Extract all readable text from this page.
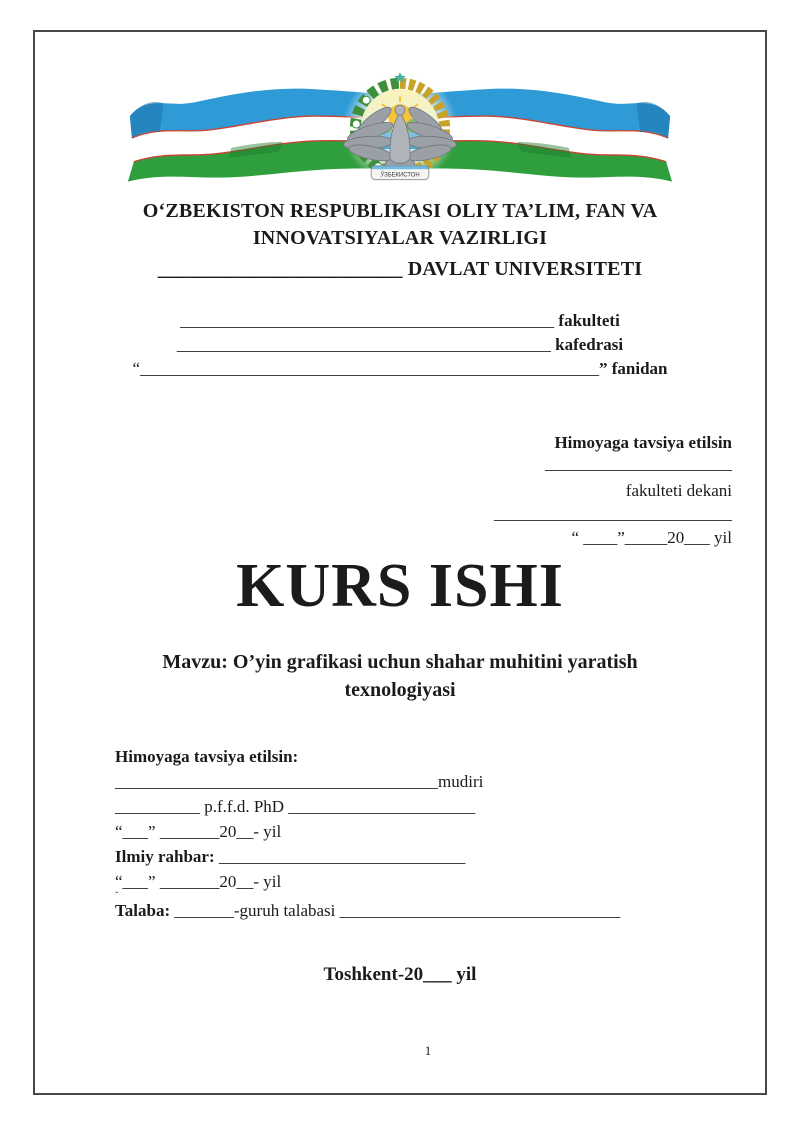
ЎЗБЕКИСТОН
O‘ZBEKISTON RESPUBLIKASI OLIY TA’LIM, FAN VA
INNOVATSIYALAR VAZIRLIGI
________________________ DAVLAT UNIVERSITETI
____________________________________________ fakulteti
____________________________________________ kafedrasi
“______________________________________________________” fanidan
Himoyaga tavsiya etilsin
______________________
fakulteti dekani
____________________________
“ ____”_____20___ yil
KURS ISHI
Mavzu: O’yin grafikasi uchun shahar muhitini yaratish
texnologiyasi
Himoyaga tavsiya etilsin:
______________________________________mudiri
__________ p.f.f.d. PhD ______________________
“___” _______20__- yil
Ilmiy rahbar: _____________________________
“___” _______20__- yil
ˇ
Talaba: _______-guruh talabasi _________________________________
Toshkent-20___ yil
1
